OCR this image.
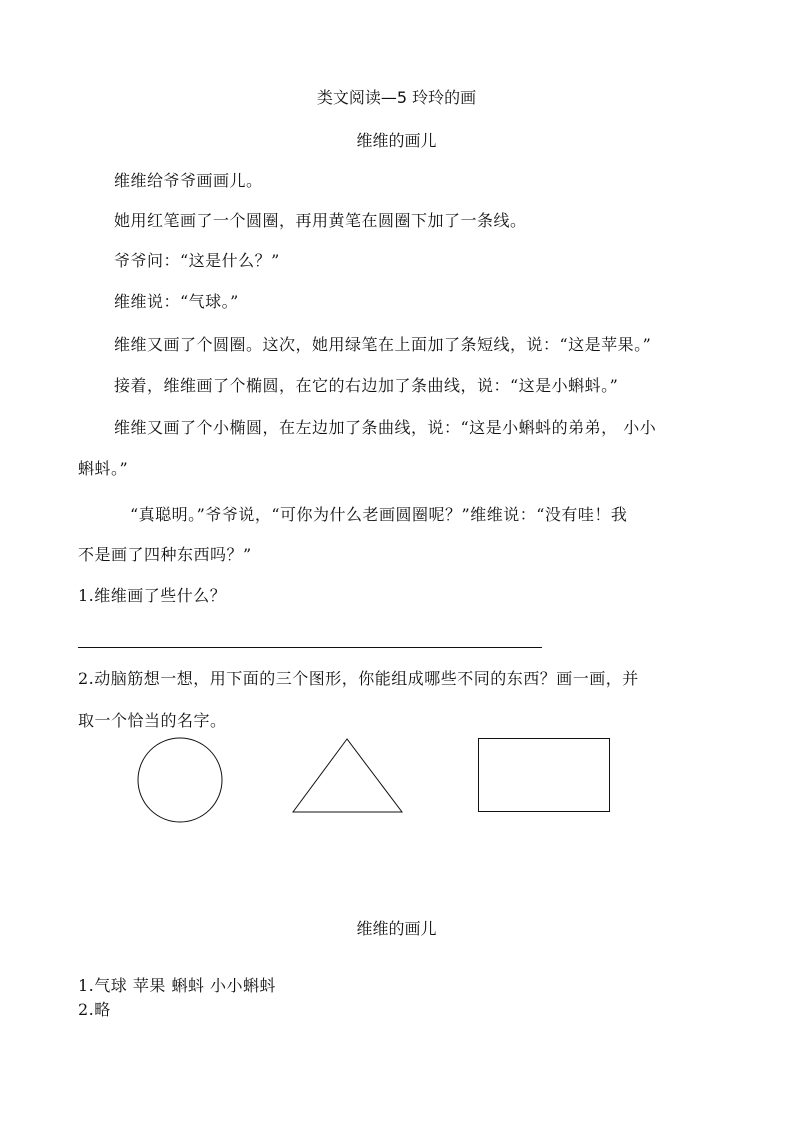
类文阅读—5 玲玲的画
维维的画儿
维维给爷爷画画儿。
她用红笔画了一个圆圈，再用黄笔在圆圈下加了一条线。
爷爷问：“这是什么？”
维维说：“气球。”
维维又画了个圆圈。这次，她用绿笔在上面加了条短线，说：“这是苹果。”
接着，维维画了个椭圆，在它的右边加了条曲线，说：“这是小蝌蚪。”
维维又画了个小椭圆，在左边加了条曲线，说：“这是小蝌蚪的弟弟， 小小
蝌蚪。”
“真聪明。”爷爷说，“可你为什么老画圆圈呢？”维维说：“没有哇！我
不是画了四种东西吗？”
1.维维画了些什么？
2.动脑筋想一想，用下面的三个图形，你能组成哪些不同的东西？画一画，并
取一个恰当的名字。
维维的画儿
1.气球 苹果 蝌蚪 小小蝌蚪
2.略
